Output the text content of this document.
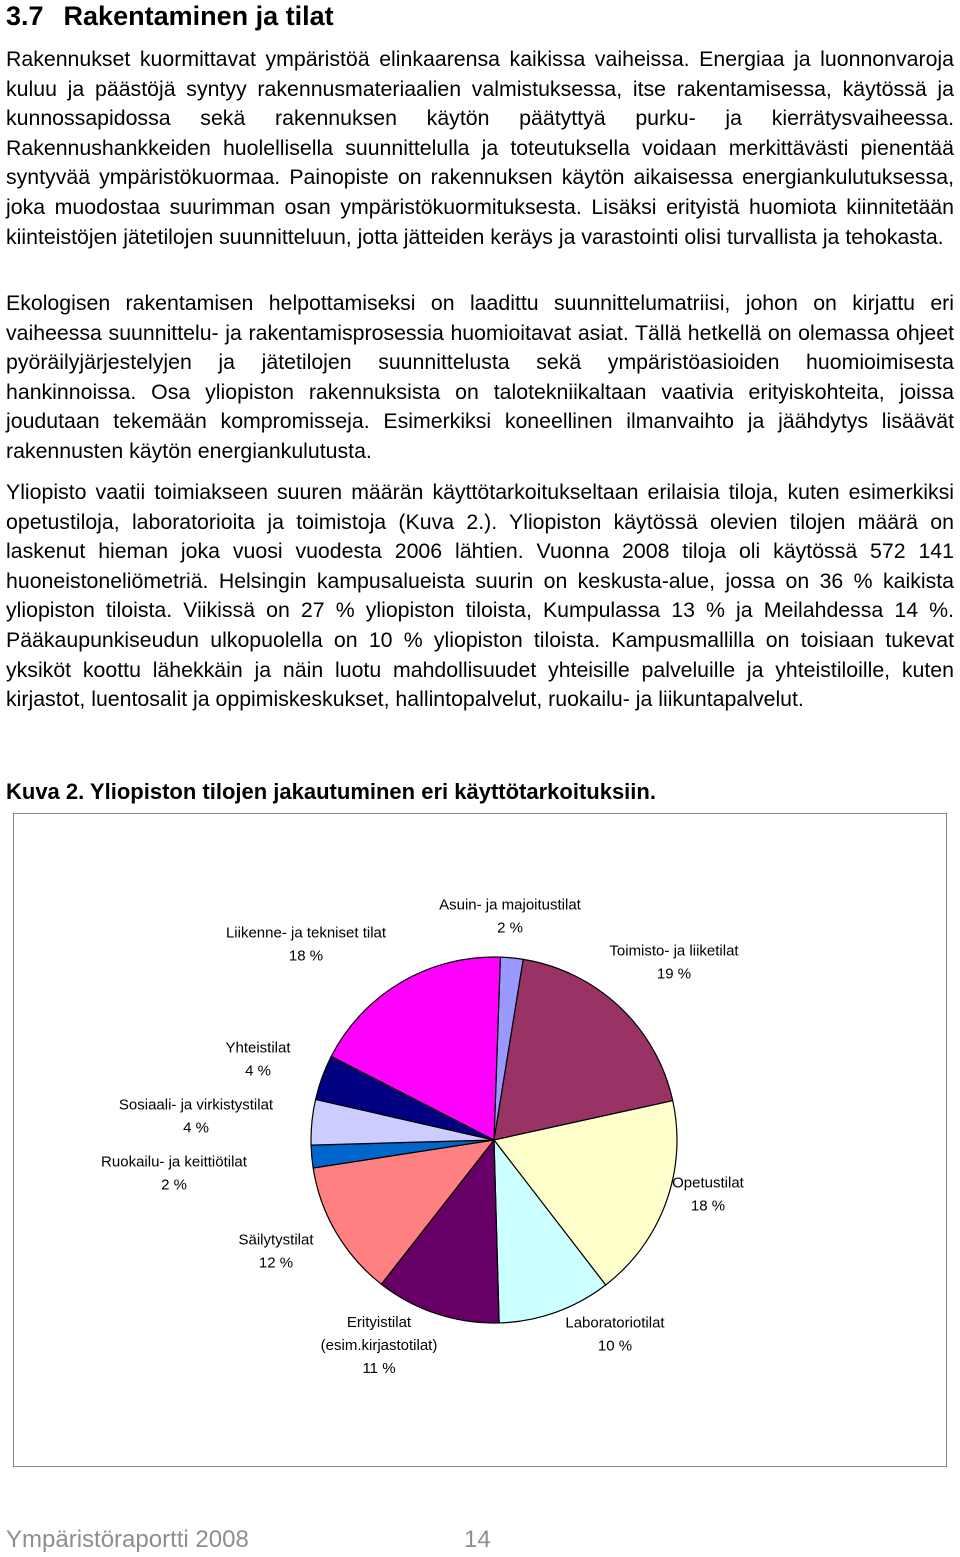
3.7 Rakentaminen ja tilat

Rakennukset kuormittavat ympäristöä elinkaarensa kaikissa vaiheissa. Energiaa ja luonnonvaroja kuluu ja päästöjä syntyy rakennusmateriaalien valmistuksessa, itse rakentamisessa, käytössä ja kunnossapidossa sekä rakennuksen käytön päätyttyä purku- ja kierrätysvaiheessa. Rakennushankkeiden huolellisella suunnittelulla ja toteutuksella voidaan merkittävästi pienentää syntyvää ympäristökuormaa. Painopiste on rakennuksen käytön aikaisessa energiankulutuksessa, joka muodostaa suurimman osan ympäristökuormituksesta. Lisäksi erityistä huomiota kiinnitetään kiinteistöjen jätetilojen suunnitteluun, jotta jätteiden keräys ja varastointi olisi turvallista ja tehokasta.

Ekologisen rakentamisen helpottamiseksi on laadittu suunnittelumatriisi, johon on kirjattu eri vaiheessa suunnittelu- ja rakentamisprosessia huomioitavat asiat. Tällä hetkellä on olemassa ohjeet pyöräilyjärjestelyjen ja jätetilojen suunnittelusta sekä ympäristöasioiden huomioimisesta hankinnoissa. Osa yliopiston rakennuksista on talotekniikaltaan vaativia erityiskohteita, joissa joudutaan tekemään kompromisseja. Esimerkiksi koneellinen ilmanvaihto ja jäähdytys lisäävät rakennusten käytön energiankulutusta.

Yliopisto vaatii toimiakseen suuren määrän käyttötarkoitukseltaan erilaisia tiloja, kuten esimerkiksi opetustiloja, laboratorioita ja toimistoja (Kuva 2.). Yliopiston käytössä olevien tilojen määrä on laskenut hieman joka vuosi vuodesta 2006 lähtien. Vuonna 2008 tiloja oli käytössä 572 141 huoneistoneliömetriä. Helsingin kampusalueista suurin on keskusta-alue, jossa on 36 % kaikista yliopiston tiloista. Viikissä on 27 % yliopiston tiloista, Kumpulassa 13 % ja Meilahdessa 14 %. Pääkaupunkiseudun ulkopuolella on 10 % yliopiston tiloista. Kampusmallilla on toisiaan tukevat yksiköt koottu lähekkäin ja näin luotu mahdollisuudet yhteisille palveluille ja yhteistiloille, kuten kirjastot, luentosalit ja oppimiskeskukset, hallintopalvelut, ruokailu- ja liikuntapalvelut.

Kuva 2. Yliopiston tilojen jakautuminen eri käyttötarkoituksiin.
Asuin- ja majoitustilat
2 %
Toimisto- ja liiketilat
19 %
Opetustilat
18 %
Laboratoriotilat
10 %
Erityistilat
(esim.kirjastotilat)
11 %
Säilytystilat
12 %
Ruokailu- ja keittiötilat
2 %
Sosiaali- ja virkistystilat
4 %
Yhteistilat
4 %
Liikenne- ja tekniset tilat
18 %
Ympäristöraportti 2008	14
